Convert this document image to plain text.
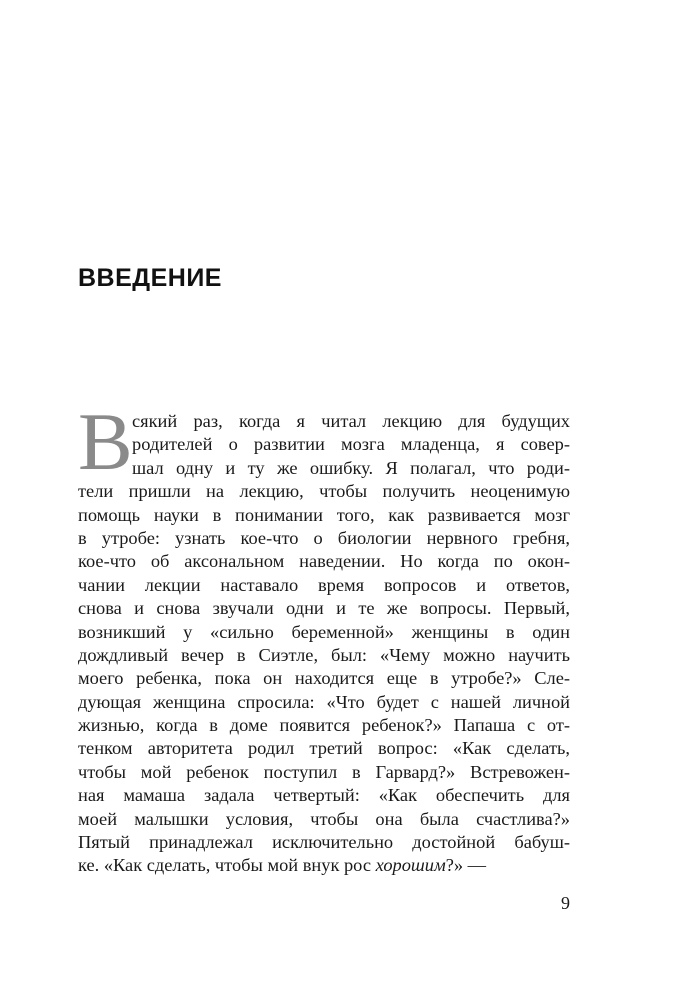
ВВЕДЕНИЕ
В сякий раз, когда я читал лекцию для будущих
родителей о развитии мозга младенца, я совер-
шал одну и ту же ошибку. Я полагал, что роди-
тели пришли на лекцию, чтобы получить неоценимую
помощь науки в понимании того, как развивается мозг
в утробе: узнать кое-что о биологии нервного гребня,
кое-что об аксональном наведении. Но когда по окон-
чании лекции наставало время вопросов и ответов,
снова и снова звучали одни и те же вопросы. Первый,
возникший у «сильно беременной» женщины в один
дождливый вечер в Сиэтле, был: «Чему можно научить
моего ребенка, пока он находится еще в утробе?» Сле-
дующая женщина спросила: «Что будет с нашей личной
жизнью, когда в доме появится ребенок?» Папаша с от-
тенком авторитета родил третий вопрос: «Как сделать,
чтобы мой ребенок поступил в Гарвард?» Встревожен-
ная мамаша задала четвертый: «Как обеспечить для
моей малышки условия, чтобы она была счастлива?»
Пятый принадлежал исключительно достойной бабуш-
ке. «Как сделать, чтобы мой внук рос хорошим?» —
9
